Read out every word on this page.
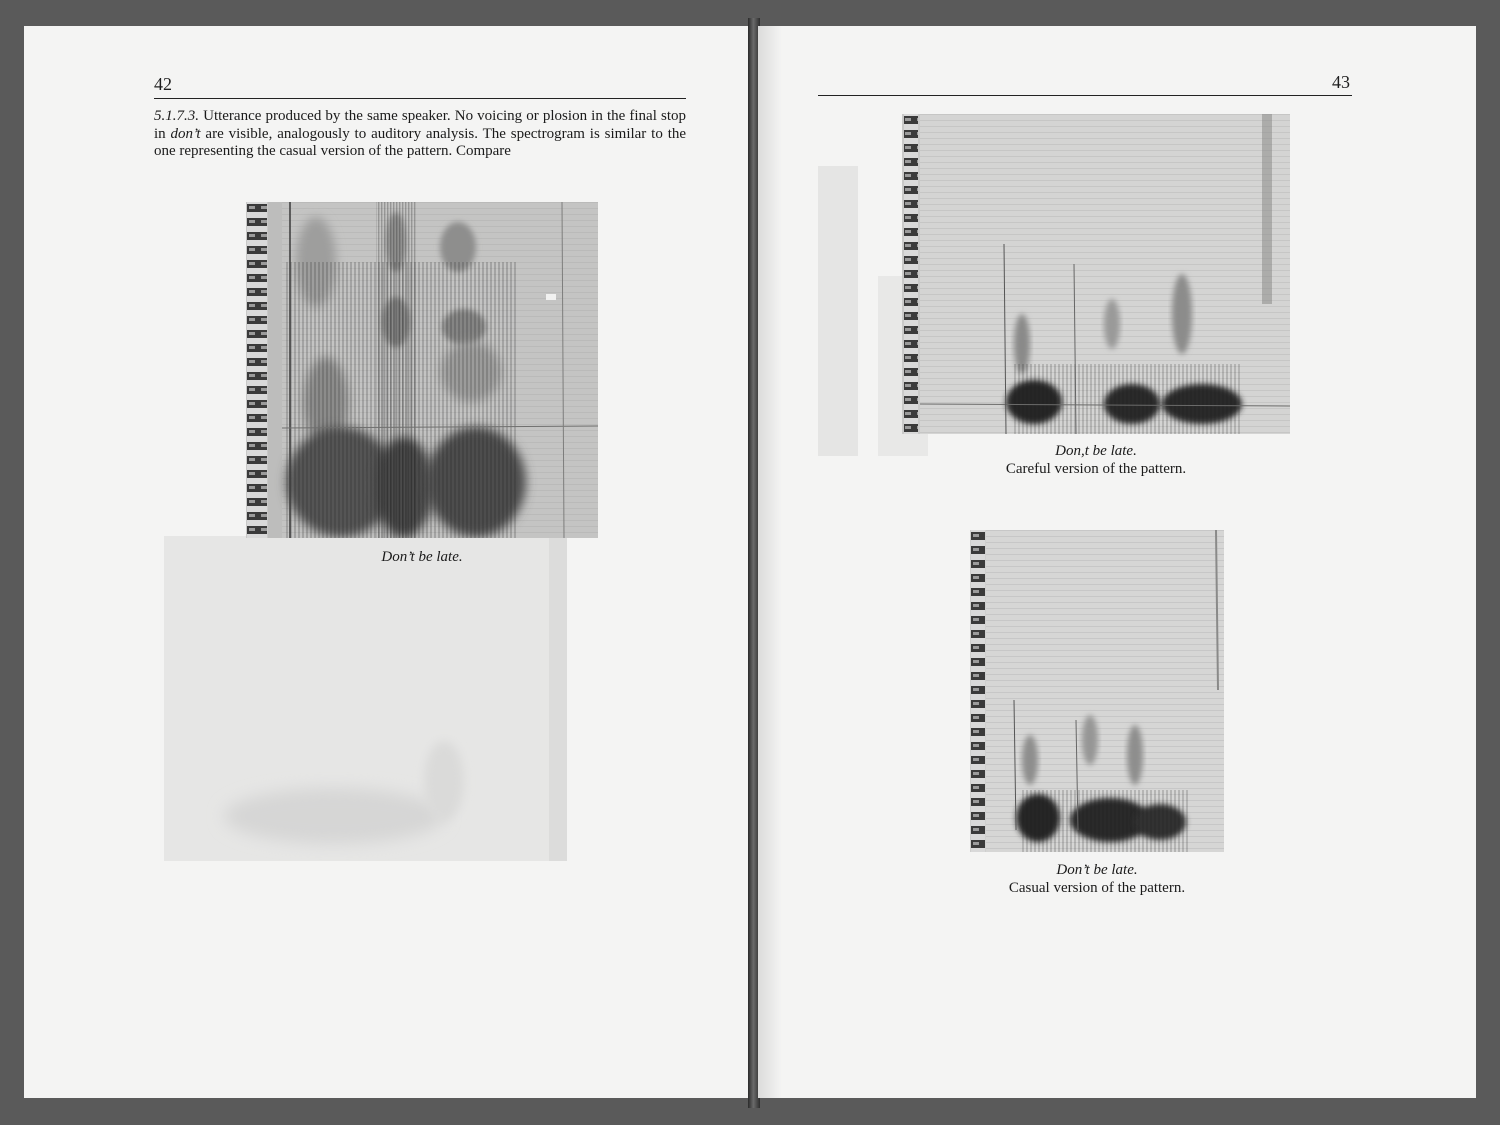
42

5.1.7.3. Utterance produced by the same speaker. No voicing or plosion in the final stop in don’t are visible, analogously to auditory analysis. The spectrogram is similar to the one representing the casual version of the pattern. Compare

Don’t be late.
43
Don,t be late.
Careful version of the pattern.
Don’t be late.
Casual version of the pattern.
